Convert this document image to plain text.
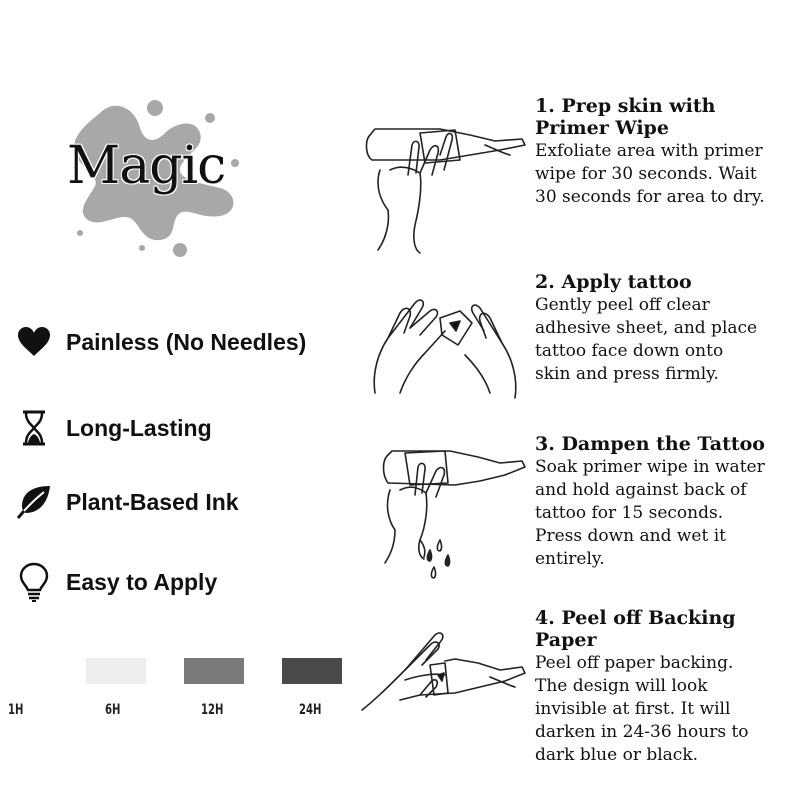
Magic
Painless (No Needles)
Long-Lasting
Plant-Based Ink
Easy to Apply
1H	6H	12H	24H
1. Prep skin with
Primer Wipe
Exfoliate area with primer
wipe for 30 seconds. Wait
30 seconds for area to dry.
2. Apply tattoo
Gently peel off clear
adhesive sheet, and place
tattoo face down onto
skin and press firmly.
3. Dampen the Tattoo
Soak primer wipe in water
and hold against back of
tattoo for 15 seconds.
Press down and wet it
entirely.
4. Peel off Backing Paper
Peel off paper backing.
The design will look
invisible at first. It will
darken in 24-36 hours to
dark blue or black.
